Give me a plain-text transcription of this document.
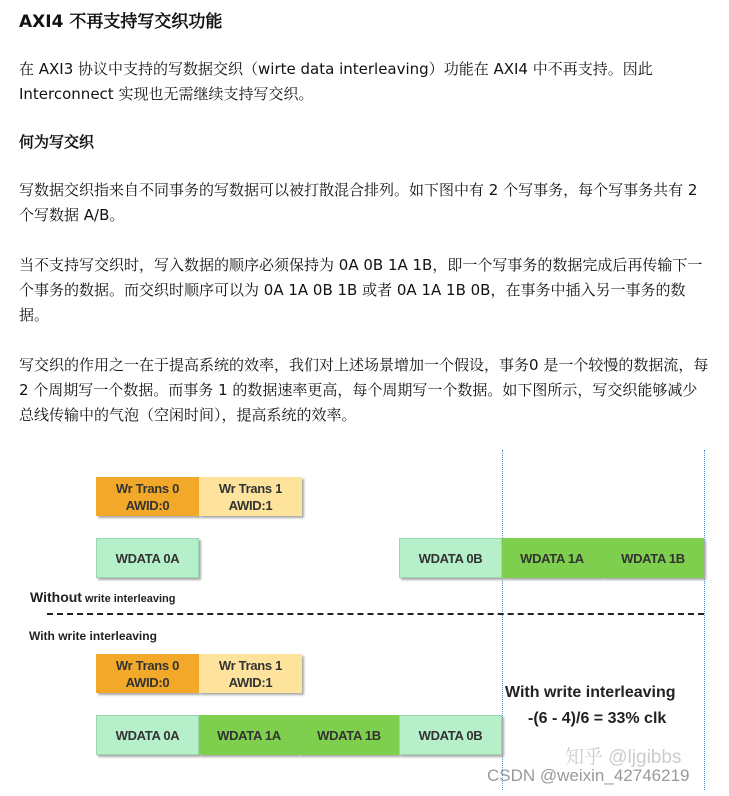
AXI4 不再支持写交织功能
在 AXI3 协议中支持的写数据交织（wirte data interleaving）功能在 AXI4 中不再支持。因此 Interconnect 实现也无需继续支持写交织。
何为写交织
写数据交织指来自不同事务的写数据可以被打散混合排列。如下图中有 2 个写事务，每个写事务共有 2 个写数据 A/B。
当不支持写交织时，写入数据的顺序必须保持为 0A 0B 1A 1B，即一个写事务的数据完成后再传输下一个事务的数据。而交织时顺序可以为 0A 1A 0B 1B 或者 0A 1A 1B 0B，在事务中插入另一事务的数据。
写交织的作用之一在于提高系统的效率，我们对上述场景增加一个假设，事务0 是一个较慢的数据流，每 2 个周期写一个数据。而事务 1 的数据速率更高，每个周期写一个数据。如下图所示，写交织能够减少总线传输中的气泡（空闲时间），提高系统的效率。
Wr Trans 0
AWID:0
Wr Trans 1
AWID:1
WDATA 0A	WDATA 0B	WDATA 1A	WDATA 1B
Without write interleaving
With write interleaving
Wr Trans 0
AWID:0
Wr Trans 1
AWID:1
WDATA 0A	WDATA 1A	WDATA 1B	WDATA 0B
With write interleaving
-(6 - 4)/6 = 33% clk
知乎 @ljgibbs
CSDN @weixin_42746219
